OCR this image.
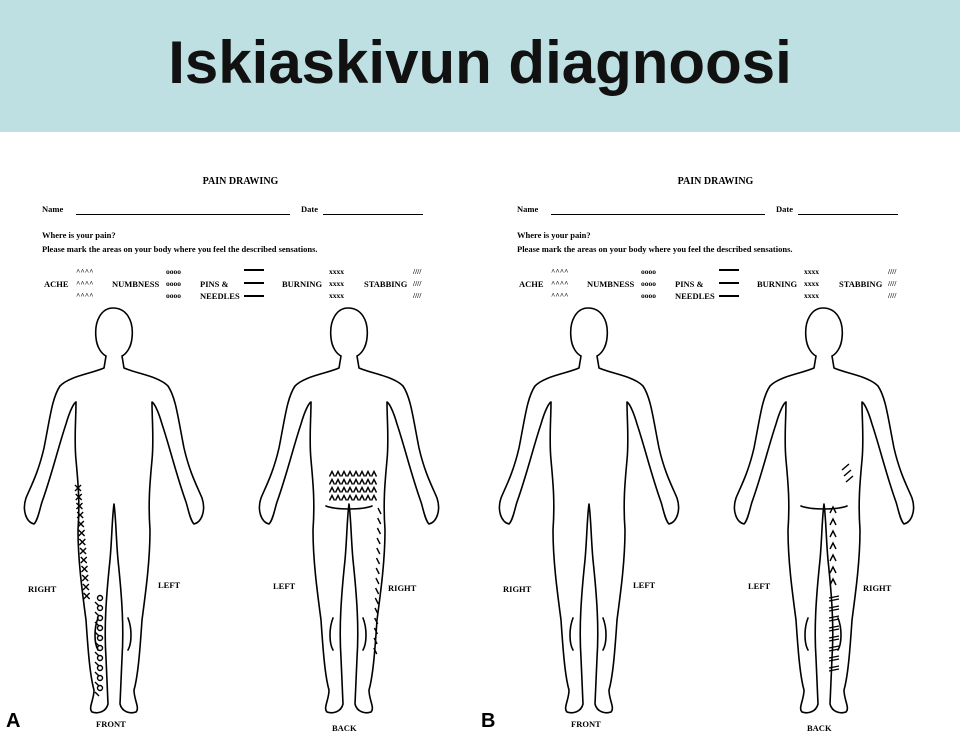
Iskiaskivun diagnoosi
PAIN DRAWING
Name	Date
Where is your pain?
Please mark the areas on your body where you feel the described sensations.
^^^^
^^^^
^^^^
ACHE	NUMBNESS
oooo
oooo
oooo
PINS &
NEEDLES
BURNING
xxxx
xxxx
xxxx
STABBING
////
////
////
RIGHT	LEFT	LEFT	RIGHT
FRONT	BACK
A
PAIN DRAWING
Name	Date
Where is your pain?
Please mark the areas on your body where you feel the described sensations.
^^^^
^^^^
^^^^
ACHE	NUMBNESS
oooo
oooo
oooo
PINS &
NEEDLES
BURNING
xxxx
xxxx
xxxx
STABBING
////
////
////
RIGHT	LEFT	LEFT	RIGHT
FRONT	BACK
B
